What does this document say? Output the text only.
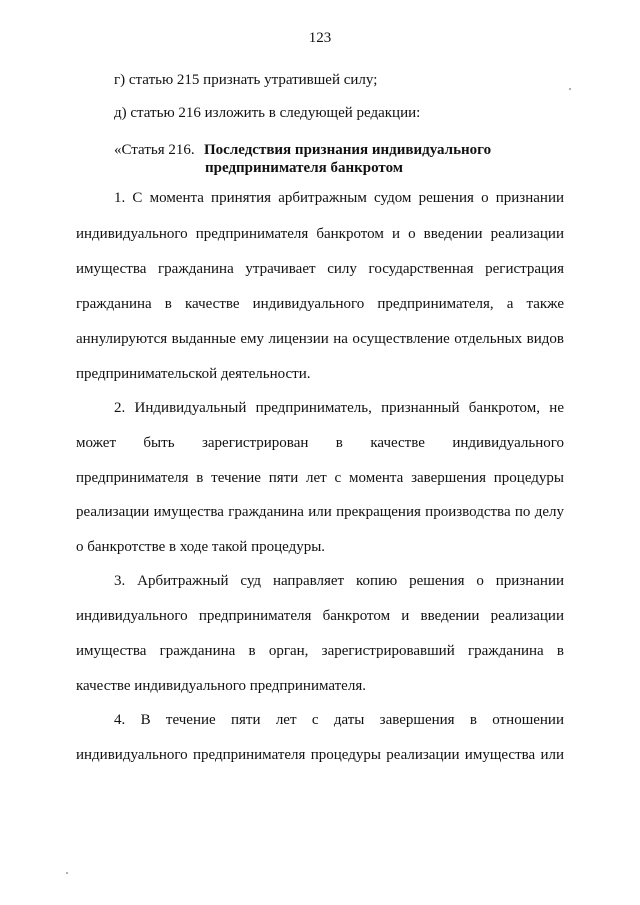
123
г) статью 215 признать утратившей силу;
д) статью 216 изложить в следующей редакции:
«Статья 216. Последствия признания индивидуального
предпринимателя банкротом
1. С момента принятия арбитражным судом решения о признании
индивидуального предпринимателя банкротом и о введении реализации
имущества гражданина утрачивает силу государственная регистрация
гражданина в качестве индивидуального предпринимателя, а также
аннулируются выданные ему лицензии на осуществление отдельных видов
предпринимательской деятельности.
2. Индивидуальный предприниматель, признанный банкротом, не
может быть зарегистрирован в качестве индивидуального
предпринимателя в течение пяти лет с момента завершения процедуры
реализации имущества гражданина или прекращения производства по делу
о банкротстве в ходе такой процедуры.
3. Арбитражный суд направляет копию решения о признании
индивидуального предпринимателя банкротом и введении реализации
имущества гражданина в орган, зарегистрировавший гражданина в
качестве индивидуального предпринимателя.
4. В течение пяти лет с даты завершения в отношении
индивидуального предпринимателя процедуры реализации имущества или
